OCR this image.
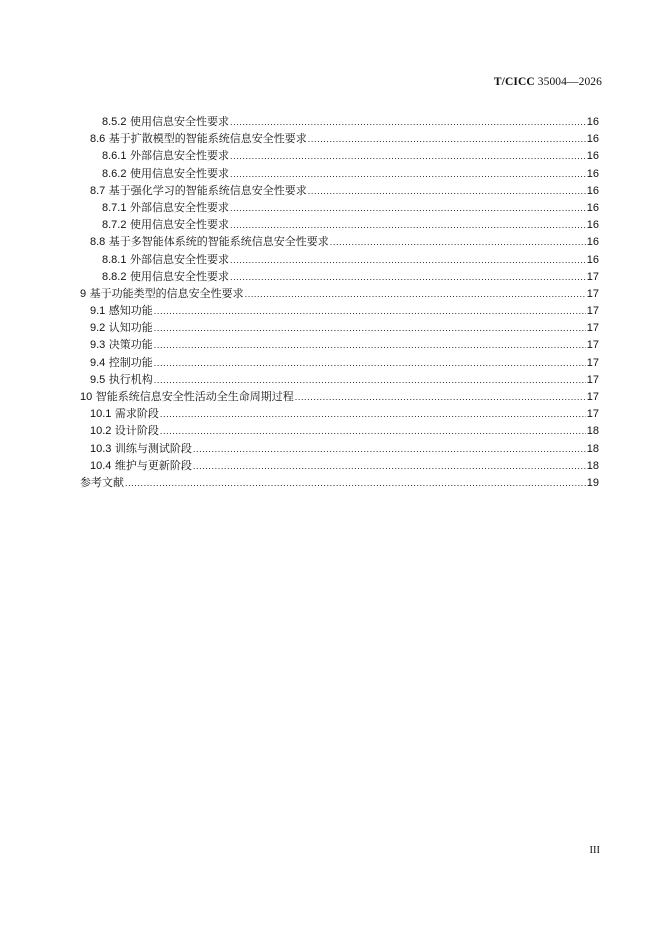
T/CICC 35004—2026
8.5.2 使用信息安全性要求 .....	16
8.6 基于扩散模型的智能系统信息安全性要求 .....	16
8.6.1 外部信息安全性要求 .....	16
8.6.2 使用信息安全性要求 .....	16
8.7 基于强化学习的智能系统信息安全性要求 .....	16
8.7.1 外部信息安全性要求 .....	16
8.7.2 使用信息安全性要求 .....	16
8.8 基于多智能体系统的智能系统信息安全性要求 .....	16
8.8.1 外部信息安全性要求 .....	16
8.8.2 使用信息安全性要求 .....	17
9 基于功能类型的信息安全性要求 .....	17
9.1 感知功能 .....	17
9.2 认知功能 .....	17
9.3 决策功能 .....	17
9.4 控制功能 .....	17
9.5 执行机构 .....	17
10 智能系统信息安全性活动全生命周期过程 .....	17
10.1 需求阶段 .....	17
10.2 设计阶段 .....	18
10.3 训练与测试阶段 .....	18
10.4 维护与更新阶段 .....	18
参考文献 .....	19
III
